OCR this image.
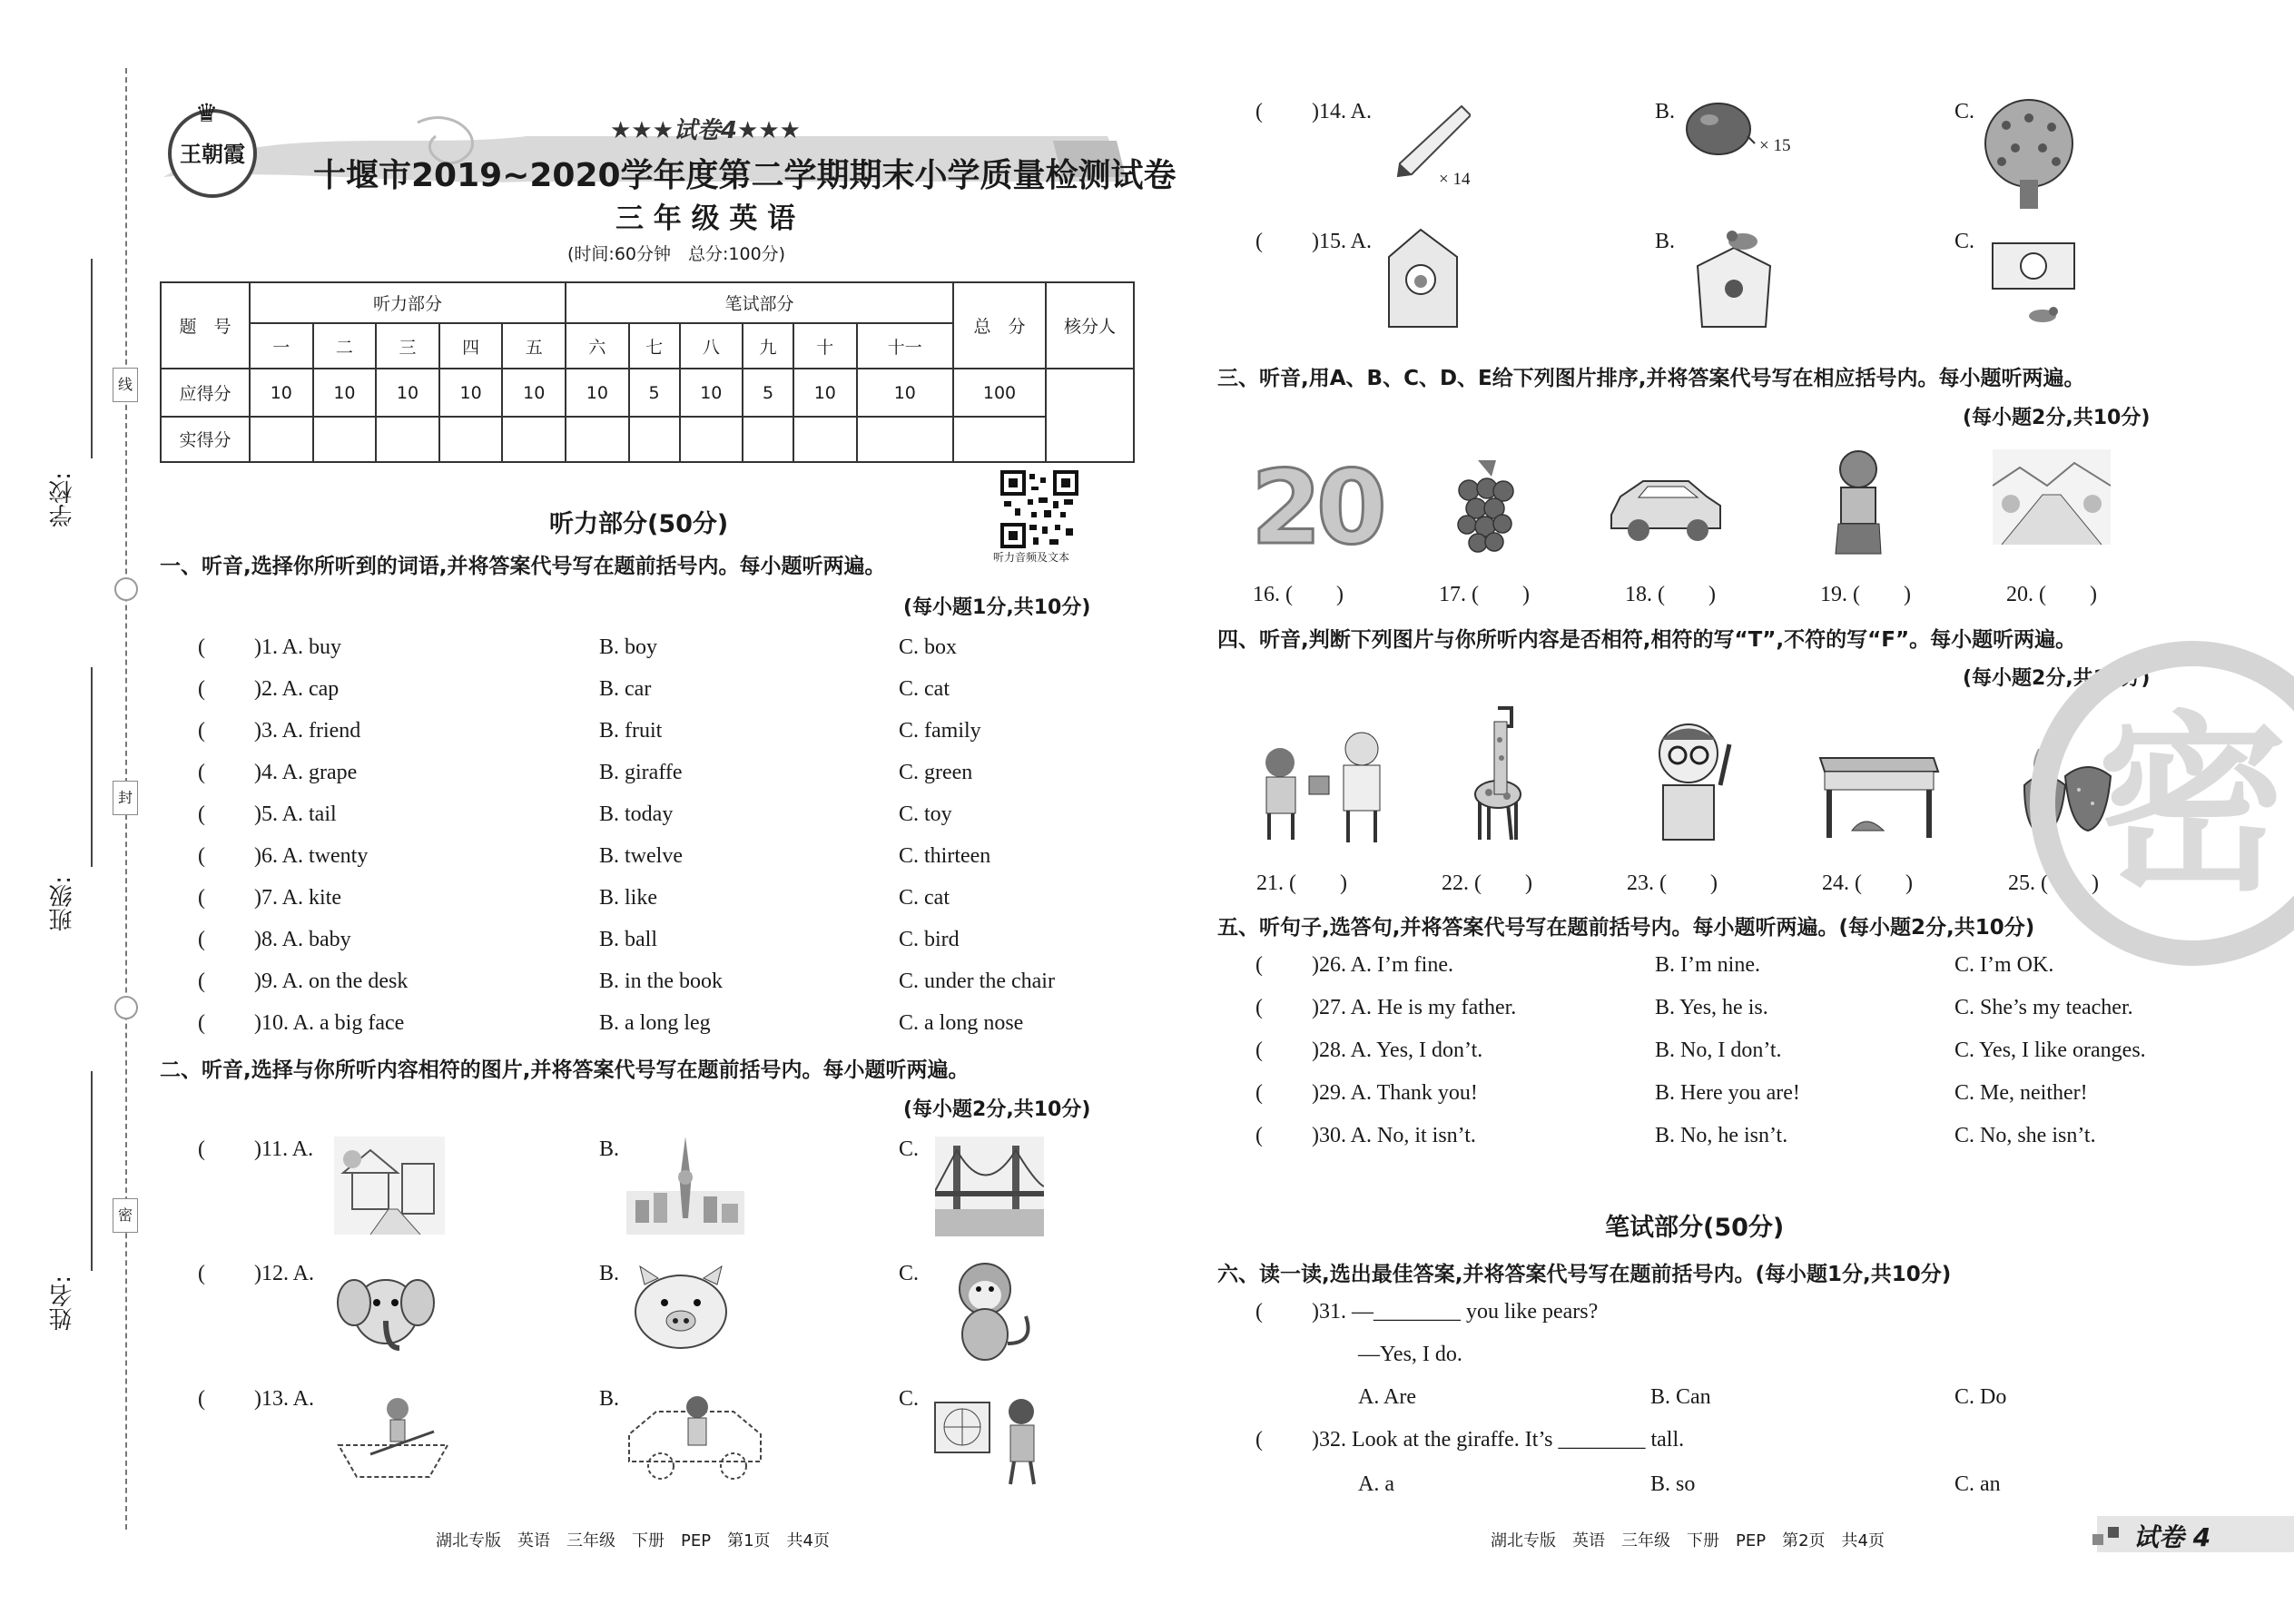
线
封
密
学校:
班级:
姓名:
♛
王朝霞
★★★试卷4★★★
十堰市2019~2020学年度第二学期期末小学质量检测试卷
三 年 级 英 语
(时间:60分钟　总分:100分)
题　号	听力部分					笔试部分						总　分	核分人
	一	二	三	四	五	六	七	八	九	十	十一		
应得分	10	10	10	10	10	10	5	10	5	10	10	100	
实得分													
听力音频及文本
听力部分(50分)
一、听音,选择你所听到的词语,并将答案代号写在题前括号内。每小题听两遍。
(每小题1分,共10分)
( )1. A. buy	B. boy	C. box
( )2. A. cap	B. car	C. cat
( )3. A. friend	B. fruit	C. family
( )4. A. grape	B. giraffe	C. green
( )5. A. tail	B. today	C. toy
( )6. A. twenty	B. twelve	C. thirteen
( )7. A. kite	B. like	C. cat
( )8. A. baby	B. ball	C. bird
( )9. A. on the desk	B. in the book	C. under the chair
( )10. A. a big face	B. a long leg	C. a long nose
二、听音,选择与你所听内容相符的图片,并将答案代号写在题前括号内。每小题听两遍。
(每小题2分,共10分)
( )11. A.	B.	C.
( )12. A.	B.	C.
( )13. A.	B.	C.
( )14. A.	B.	C.
× 14
× 15
( )15. A.	B.	C.
三、听音,用A、B、C、D、E给下列图片排序,并将答案代号写在相应括号内。每小题听两遍。
(每小题2分,共10分)
20
16. (　　)	17. (　　)	18. (　　)	19. (　　)	20. (　　)
四、听音,判断下列图片与你所听内容是否相符,相符的写“T”,不符的写“F”。每小题听两遍。
(每小题2分,共10分)
21. (　　)	22. (　　)	23. (　　)	24. (　　)	25. (　　)
五、听句子,选答句,并将答案代号写在题前括号内。每小题听两遍。(每小题2分,共10分)
( )26. A. I’m fine.	B. I’m nine.	C. I’m OK.
( )27. A. He is my father.	B. Yes, he is.	C. She’s my teacher.
( )28. A. Yes, I don’t.	B. No, I don’t.	C. Yes, I like oranges.
( )29. A. Thank you!	B. Here you are!	C. Me, neither!
( )30. A. No, it isn’t.	B. No, he isn’t.	C. No, she isn’t.
笔试部分(50分)
六、读一读,选出最佳答案,并将答案代号写在题前括号内。(每小题1分,共10分)
( )31. —________ you like pears?
—Yes, I do.
A. Are	B. Can	C. Do
( )32. Look at the giraffe. It’s ________ tall.
A. a	B. so	C. an
密
湖北专版　英语　三年级　下册　PEP　第1页　共4页	湖北专版　英语　三年级　下册　PEP　第2页　共4页	试卷 4
